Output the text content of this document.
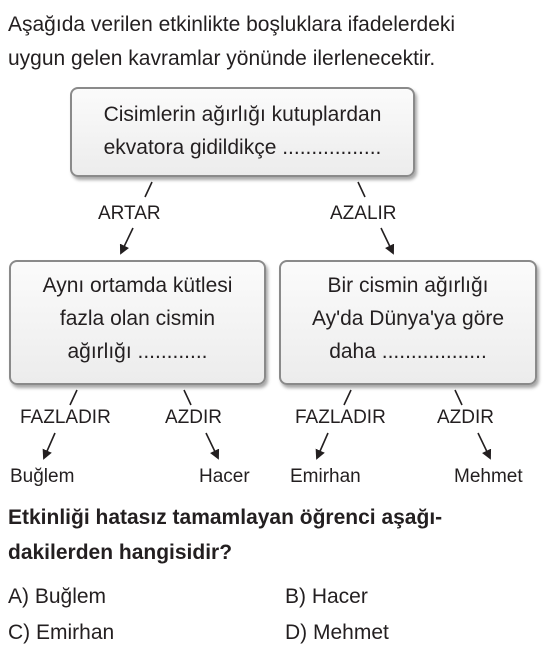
Aşağıda verilen etkinlikte boşluklara ifadelerdeki
uygun gelen kavramlar yönünde ilerlenecektir.
Cisimlerin ağırlığı kutuplardan
ekvatora gidildikçe .................
ARTAR	AZALIR
Aynı ortamda kütlesi
fazla olan cismin
ağırlığı ............
Bir cismin ağırlığı
Ay'da Dünya'ya göre
daha ..................
FAZLADIR	AZDIR	FAZLADIR	AZDIR
Buğlem	Hacer Emirhan	Mehmet
Etkinliği hatasız tamamlayan öğrenci aşağı-
dakilerden hangisidir?
A) Buğlem	B) Hacer
C) Emirhan	D) Mehmet
